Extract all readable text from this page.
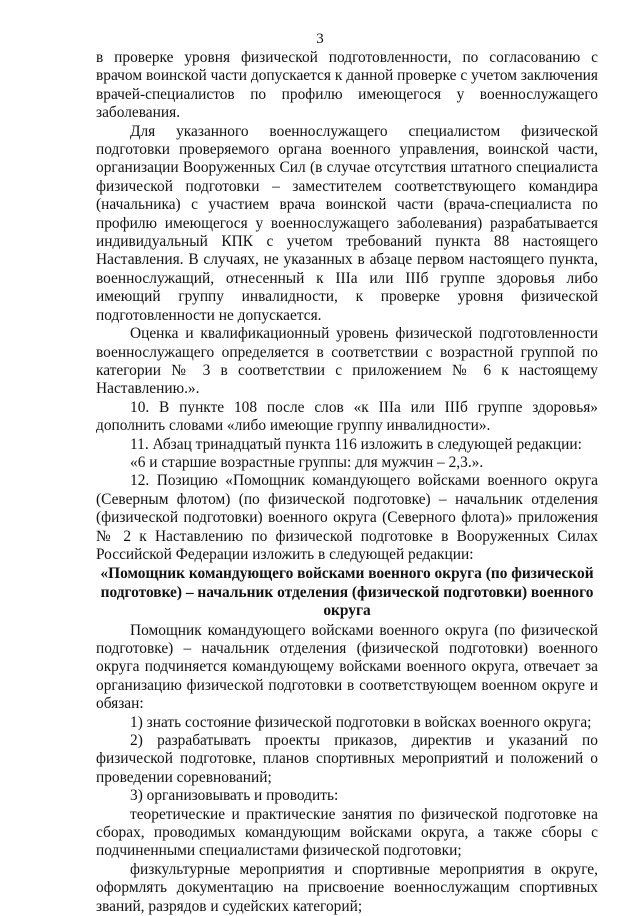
3

в проверке уровня физической подготовленности, по согласованию с врачом воинской части допускается к данной проверке с учетом заключения врачей-специалистов по профилю имеющегося у военнослужащего заболевания.

Для указанного военнослужащего специалистом физической подготовки проверяемого органа военного управления, воинской части, организации Вооруженных Сил (в случае отсутствия штатного специалиста физической подготовки – заместителем соответствующего командира (начальника) с участием врача воинской части (врача-специалиста по профилю имеющегося у военнослужащего заболевания) разрабатывается индивидуальный КПК с учетом требований пункта 88 настоящего Наставления. В случаях, не указанных в абзаце первом настоящего пункта, военнослужащий, отнесенный к IIIа или IIIб группе здоровья либо имеющий группу инвалидности, к проверке уровня физической подготовленности не допускается.

Оценка и квалификационный уровень физической подготовленности военнослужащего определяется в соответствии с возрастной группой по категории № 3 в соответствии с приложением № 6 к настоящему Наставлению.».

10. В пункте 108 после слов «к IIIа или IIIб группе здоровья» дополнить словами «либо имеющие группу инвалидности».

11. Абзац тринадцатый пункта 116 изложить в следующей редакции:

«6 и старшие возрастные группы: для мужчин – 2,3.».

12. Позицию «Помощник командующего войсками военного округа (Северным флотом) (по физической подготовке) – начальник отделения (физической подготовки) военного округа (Северного флота)» приложения № 2 к Наставлению по физической подготовке в Вооруженных Силах Российской Федерации изложить в следующей редакции:

«Помощник командующего войсками военного округа (по физической подготовке) – начальник отделения (физической подготовки) военного округа

Помощник командующего войсками военного округа (по физической подготовке) – начальник отделения (физической подготовки) военного округа подчиняется командующему войсками военного округа, отвечает за организацию физической подготовки в соответствующем военном округе и обязан:

1) знать состояние физической подготовки в войсках военного округа;

2) разрабатывать проекты приказов, директив и указаний по физической подготовке, планов спортивных мероприятий и положений о проведении соревнований;

3) организовывать и проводить:

теоретические и практические занятия по физической подготовке на сборах, проводимых командующим войсками округа, а также сборы с подчиненными специалистами физической подготовки;

физкультурные мероприятия и спортивные мероприятия в округе, оформлять документацию на присвоение военнослужащим спортивных званий, разрядов и судейских категорий;
